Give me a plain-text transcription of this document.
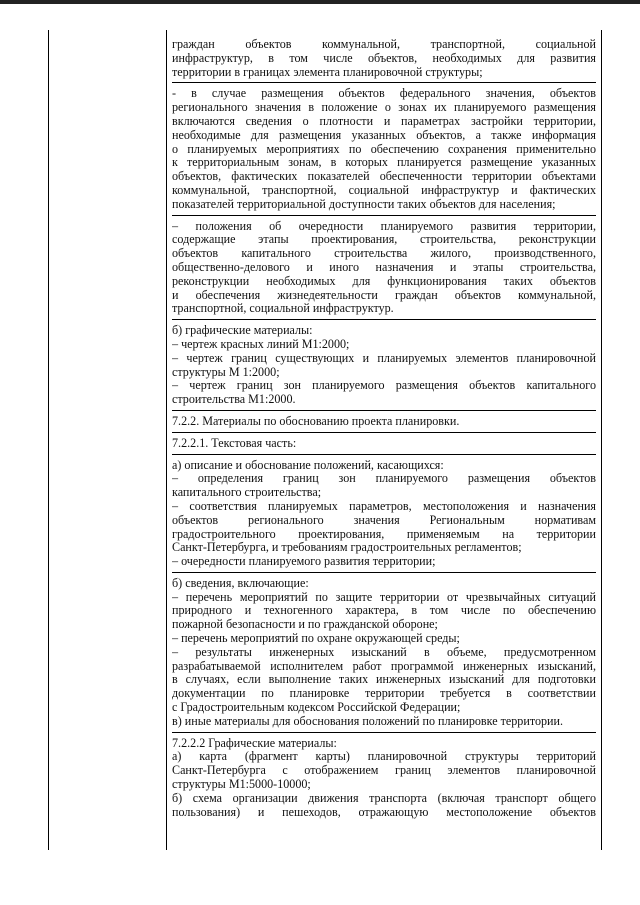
граждан объектов коммунальной, транспортной, социальной
инфраструктур, в том числе объектов, необходимых для развития
территории в границах элемента планировочной структуры;
- в случае размещения объектов федерального значения, объектов
регионального значения в положение о зонах их планируемого размещения
включаются сведения о плотности и параметрах застройки территории,
необходимые для размещения указанных объектов, а также информация
о планируемых мероприятиях по обеспечению сохранения применительно
к территориальным зонам, в которых планируется размещение указанных
объектов, фактических показателей обеспеченности территории объектами
коммунальной, транспортной, социальной инфраструктур и фактических
показателей территориальной доступности таких объектов для населения;
– положения об очередности планируемого развития территории,
содержащие этапы проектирования, строительства, реконструкции
объектов капитального строительства жилого, производственного,
общественно-делового и иного назначения и этапы строительства,
реконструкции необходимых для функционирования таких объектов
и обеспечения жизнедеятельности граждан объектов коммунальной,
транспортной, социальной инфраструктур.
б) графические материалы:
– чертеж красных линий М1:2000;
– чертеж границ существующих и планируемых элементов планировочной
структуры М 1:2000;
– чертеж границ зон планируемого размещения объектов капитального
строительства М1:2000.
7.2.2. Материалы по обоснованию проекта планировки.
7.2.2.1. Текстовая часть:
а) описание и обоснование положений, касающихся:
– определения границ зон планируемого размещения объектов
капитального строительства;
– соответствия планируемых параметров, местоположения и назначения
объектов регионального значения Региональным нормативам
градостроительного проектирования, применяемым на территории
Санкт-Петербурга, и требованиям градостроительных регламентов;
– очередности планируемого развития территории;
б) сведения, включающие:
– перечень мероприятий по защите территории от чрезвычайных ситуаций
природного и техногенного характера, в том числе по обеспечению
пожарной безопасности и по гражданской обороне;
– перечень мероприятий по охране окружающей среды;
– результаты инженерных изысканий в объеме, предусмотренном
разрабатываемой исполнителем работ программой инженерных изысканий,
в случаях, если выполнение таких инженерных изысканий для подготовки
документации по планировке территории требуется в соответствии
с Градостроительным кодексом Российской Федерации;
в) иные материалы для обоснования положений по планировке территории.
7.2.2.2 Графические материалы:
а) карта (фрагмент карты) планировочной структуры территорий
Санкт-Петербурга с отображением границ элементов планировочной
структуры М1:5000-10000;
б) схема организации движения транспорта (включая транспорт общего
пользования) и пешеходов, отражающую местоположение объектов
